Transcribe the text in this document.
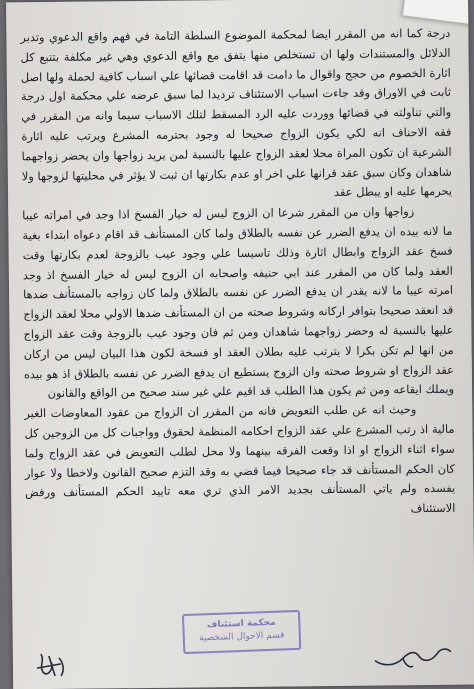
درجة كما انه من المقرر ايضا لمحكمة الموضوع السلطة التامة في فهم واقع الدعوي وتدبر الدلائل والمستندات ولها ان تستخلص منها يتفق مع واقع الدعوي وهي غير مكلفة بتتبع كل اثارة الخصوم من حجج واقوال ما دامت قد اقامت قضائها علي اسباب كافية لحملة ولها اصل ثابت في الاوراق وقد جاءت اسباب الاستئناف ترديدا لما سبق عرضه علي محكمة اول درجة والتي تناولته في قضائها ووردت عليه الرد المسقط لتلك الاسباب سيما وانه من المقرر في فقه الاحناف انه لكي يكون الزواج صحيحا له وجود بحترمه المشرع ويرتب عليه اثارة الشرعية ان تكون المراة محلا لعقد الزواج عليها بالنسبة لمن يريد زواجها وان يحضر زواجهما شاهدان وكان سبق عقد قرانها علي اخر او عدم بكارتها ان ثبت لا يؤثر في محليتها لزوجها ولا يحرمها عليه او يبطل عقد

زواجها وان من المقرر شرعا ان الزوج ليس له خيار الفسخ اذا وجد في امراته عيبا ما لانه بيده ان يدفع الضرر عن نفسه بالطلاق ولما كان المستأنف قد اقام دعواه ابتداء بغية فسخ عقد الزواج وابطال اثارة وذلك تاسيسا علي وجود عيب بالزوجة لعدم بكارتها وقت العقد ولما كان من المقرر عند ابي حنيفه واصحابه ان الزوج ليس له خيار الفسخ اذ وجد امرته عيبا ما لانه يقدر ان يدفع الضرر عن نفسه بالطلاق ولما كان زواجه بالمستأنف ضدها قد انعقد صحيحا بتوافر اركانه وشروط صحته من ان المستأنف ضدها الاولي محلا لعقد الزواج عليها بالنسبة له وحضر زواجهما شاهدان ومن ثم فان وجود عيب بالزوجة وقت عقد الزواج من انها لم تكن بكرا لا يترتب عليه بطلان العقد او فسخة لكون هذا البيان ليس من اركان عقد الزواج او شروط صحته وان الزوج يستطيع ان يدفع الضرر عن نفسه بالطلاق اذ هو بيده ويملك ايقاعه ومن ثم يكون هذا الطلب قد اقيم علي غير سند صحيح من الواقع والقانون

وحيث انه عن طلب التعويض فانه من المقرر ان الزواج من عقود المعاوضات الغير مالية اذ رتب المشرع علي عقد الزواج احكامه المنظمة لحقوق وواجبات كل من الزوجين كل سواء اثناء الزواج او اذا وقعت الفرقه بينهما ولا محل لطلب التعويض في عقد الزواج ولما كان الحكم المستأنف قد جاء صحيحا فيما قضي به وقد التزم صحيح القانون ولاخطا ولا عوار يفسده ولم ياتي المستأنف بجديد الامر الذي تري معه تاييد الحكم المستأنف ورفض الاستئناف

محكمة استئناف
قسم الاحوال الشخصية
